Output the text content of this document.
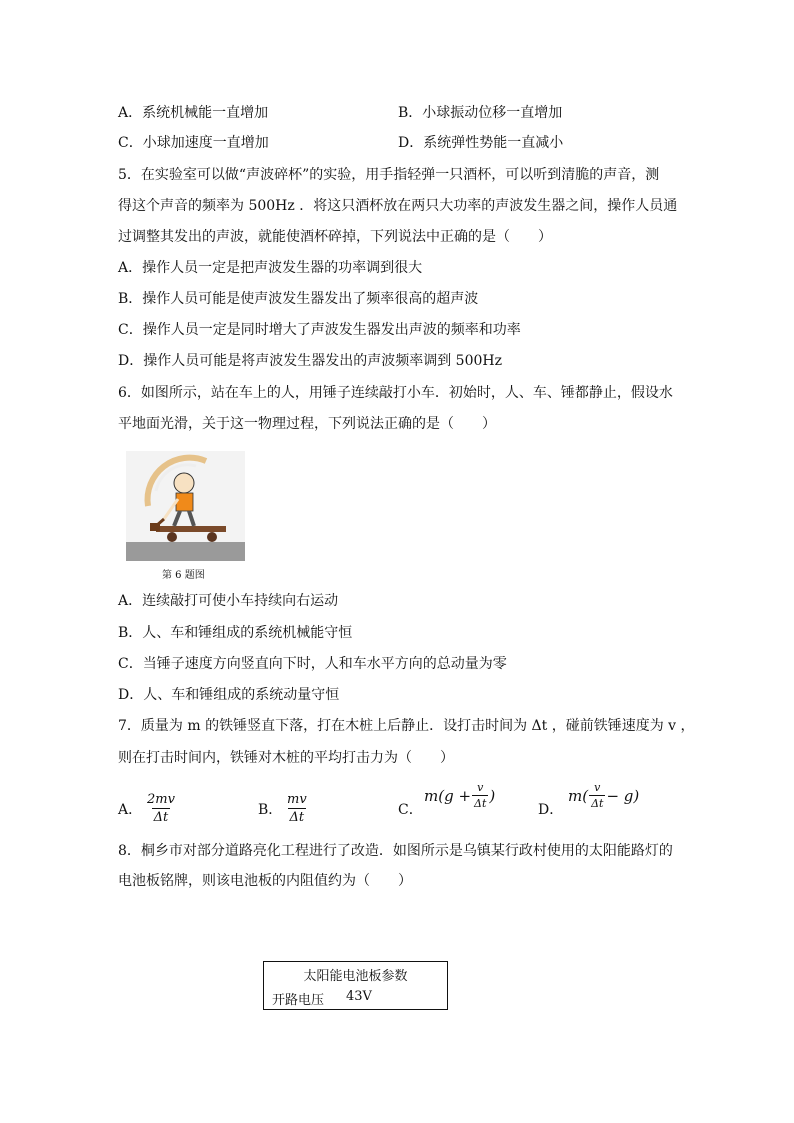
A．系统机械能一直增加	B．小球振动位移一直增加
C．小球加速度一直增加	D．系统弹性势能一直减小
5．在实验室可以做“声波碎杯”的实验，用手指轻弹一只酒杯，可以听到清脆的声音，测
得这个声音的频率为 500Hz ．将这只酒杯放在两只大功率的声波发生器之间，操作人员通
过调整其发出的声波，就能使酒杯碎掉，下列说法中正确的是（　　）
A．操作人员一定是把声波发生器的功率调到很大
B．操作人员可能是使声波发生器发出了频率很高的超声波
C．操作人员一定是同时增大了声波发生器发出声波的频率和功率
D．操作人员可能是将声波发生器发出的声波频率调到 500Hz
6．如图所示，站在车上的人，用锤子连续敲打小车．初始时，人、车、锤都静止，假设水
平地面光滑，关于这一物理过程，下列说法正确的是（　　）
第 6 题图
A．连续敲打可使小车持续向右运动
B．人、车和锤组成的系统机械能守恒
C．当锤子速度方向竖直向下时，人和车水平方向的总动量为零
D．人、车和锤组成的系统动量守恒
7．质量为 m 的铁锤竖直下落，打在木桩上后静止．设打击时间为 Δt ，碰前铁锤速度为 v ，
则在打击时间内，铁锤对木桩的平均打击力为（　　）
A． $\frac{2mv}{\Delta t}$	B． $\frac{mv}{\Delta t}$	C．
$m(g + \frac{v}{\Delta t}$ )
D．
$m( \frac{v}{\Delta t} - g)$
8．桐乡市对部分道路亮化工程进行了改造．如图所示是乌镇某行政村使用的太阳能路灯的
电池板铭牌，则该电池板的内阻值约为（　　）
太阳能电池板参数
开路电压 43V
